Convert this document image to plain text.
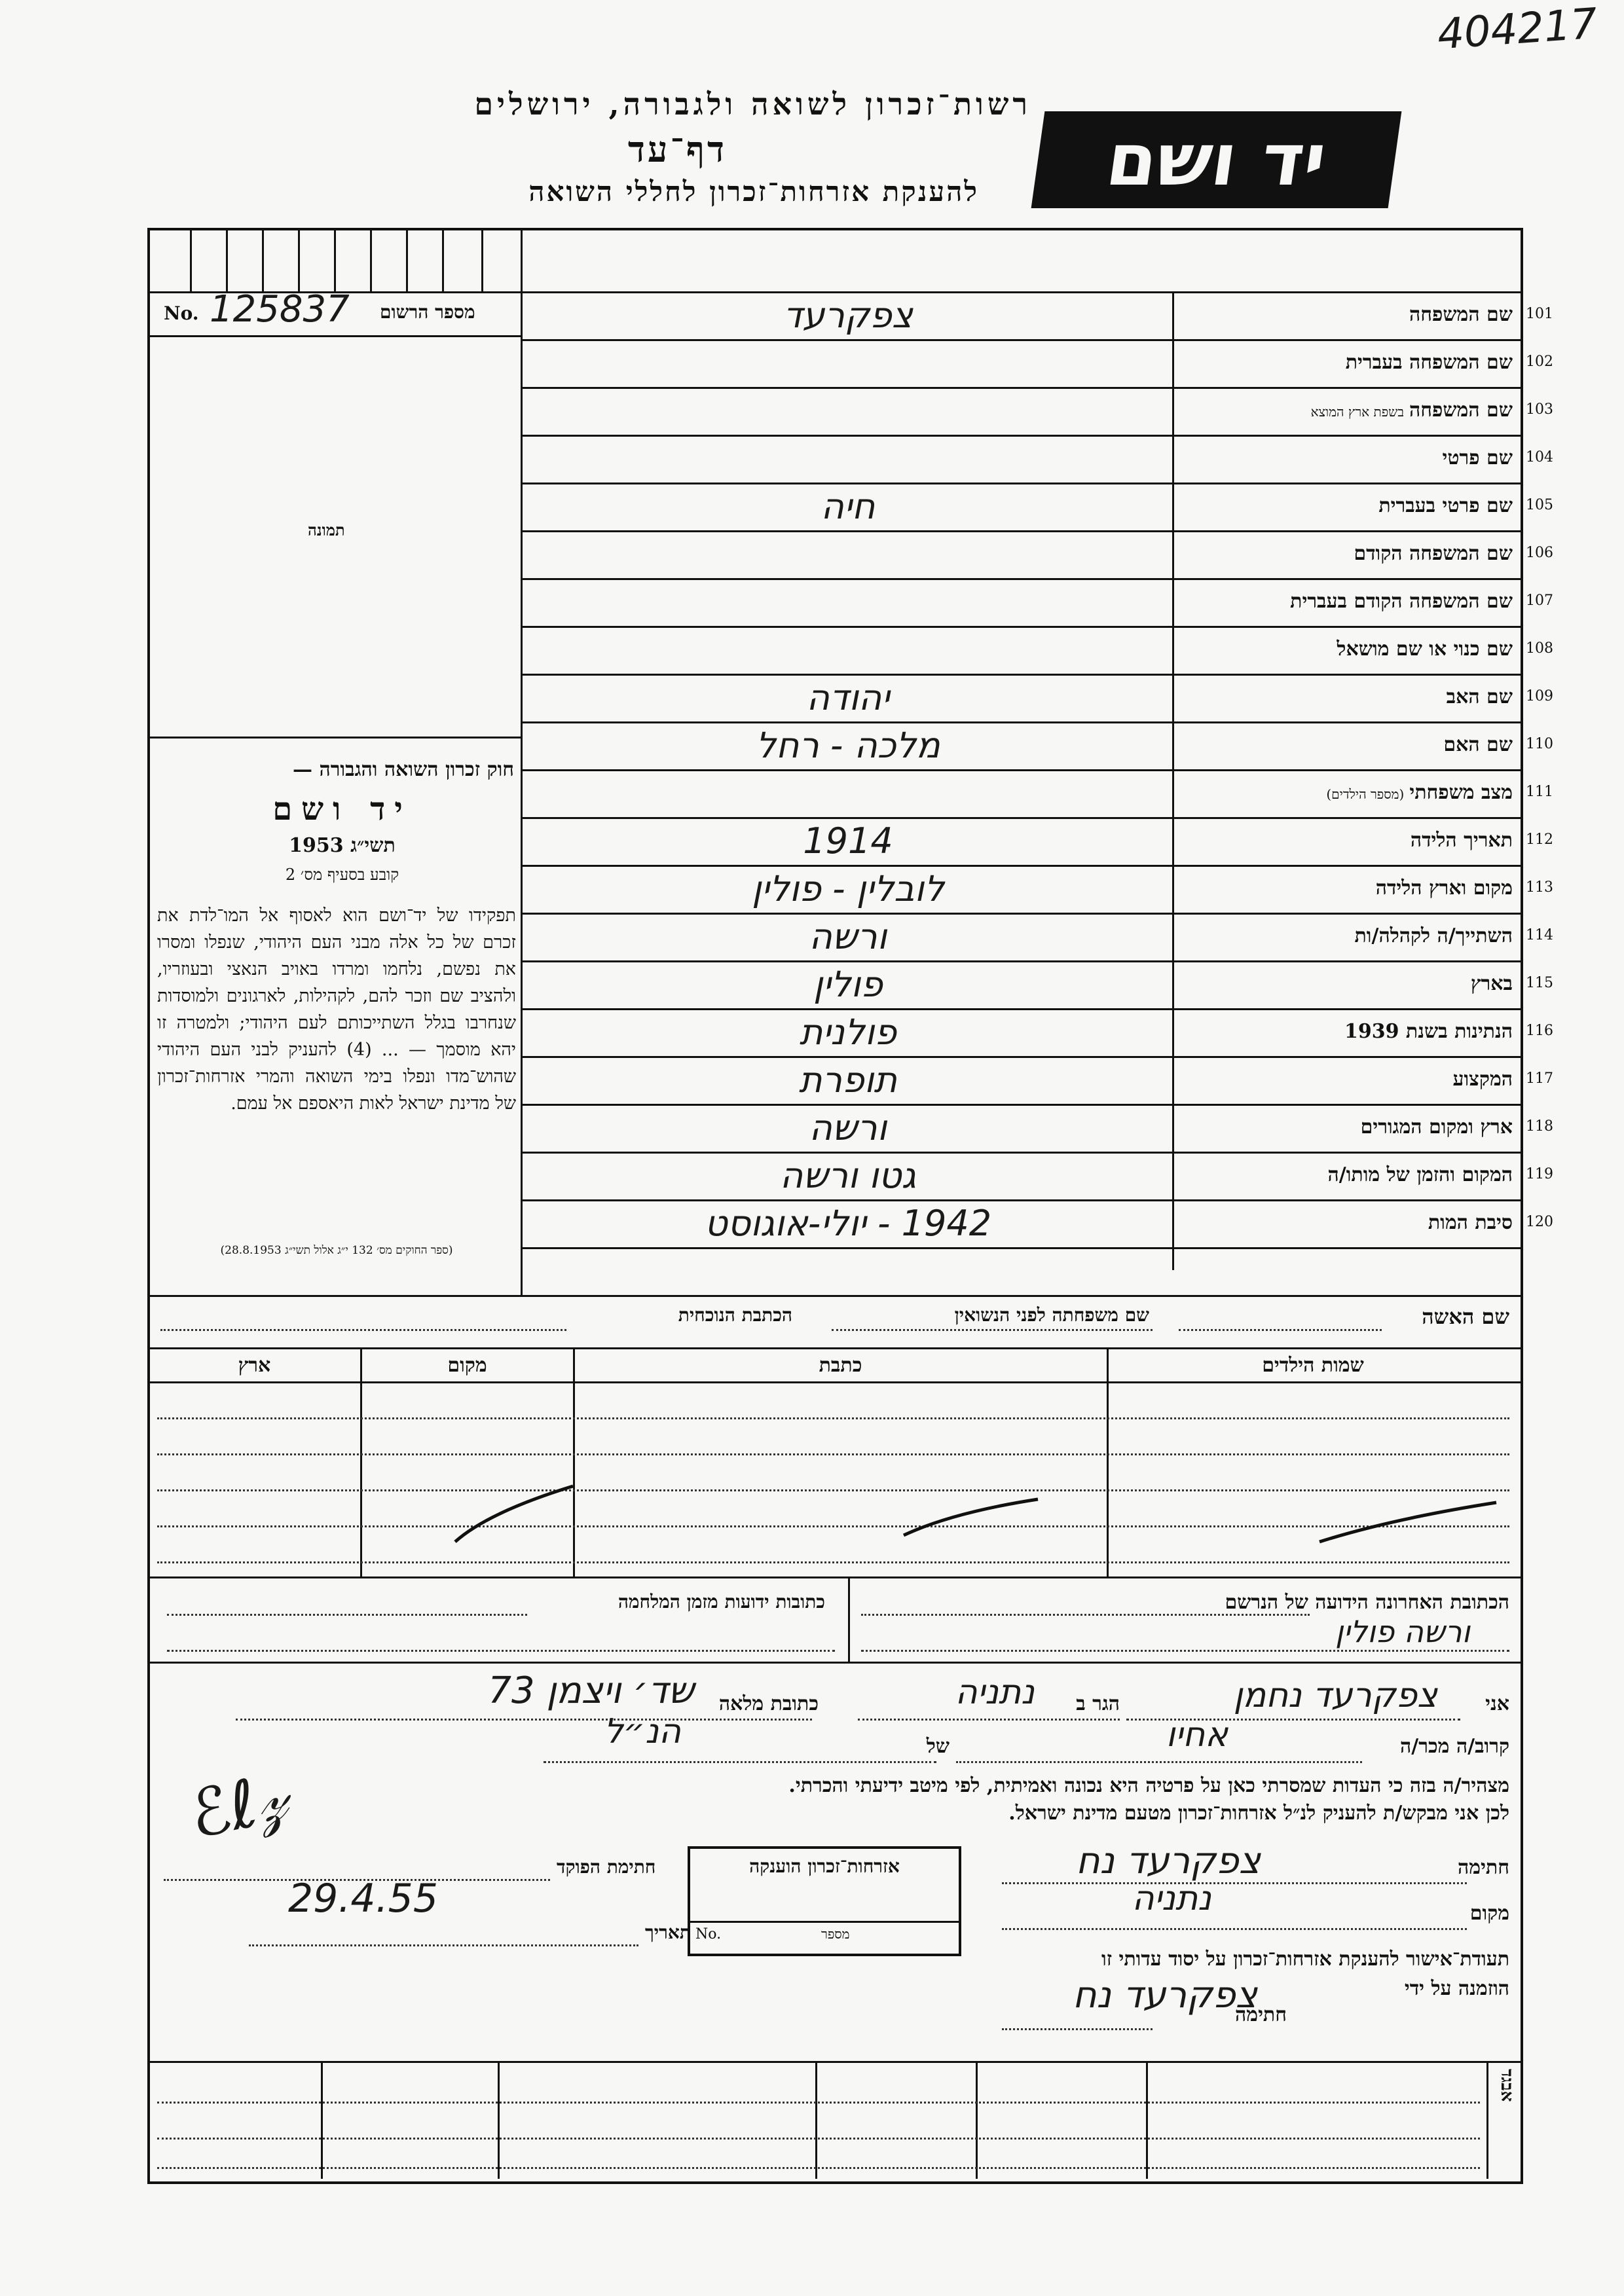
404217
רשות־זכרון לשואה ולגבורה, ירושלים
דף־עד
להענקת אזרחות־זכרון לחללי השואה	יד ושם
מספר הרשום
No. 125837
תמונה
חוק זכרון השואה והגבורה —
יד ושם
תשי״ג 1953
קובע בסעיף מס׳ 2
תפקידו של יד־ושם הוא לאסוף אל המו־לדת את זכרם של כל אלה מבני העם היהודי, שנפלו ומסרו את נפשם, נלחמו ומרדו באויב הנאצי ובעוזריו, ולהציב שם וזכר להם, לקהילות, לארגונים ולמוסדות שנחרבו בגלל השתייכותם לעם היהודי; ולמטרה זו יהא מוסמך — ... (4) להעניק לבני העם היהודי שהוש־מדו ונפלו בימי השואה והמרי אזרחות־זכרון של מדינת ישראל לאות היאספם אל עמם.
(ספר החוקים מס׳ 132 י״ג אלול תשי״ג 28.8.1953)
101
שם המשפחה
צפקרעד
102
שם המשפחה בעברית
103
שם המשפחהבשפת ארץ המוצא
104
שם פרטי
105
שם פרטי בעברית
חיה
106
שם המשפחה הקודם
107
שם המשפחה הקודם בעברית
108
שם כנוי או שם מושאל
109
שם האב
יהודה
110
שם האם
מלכה - רחל
111
מצב משפחתי(מספר הילדים)
112
תאריך הלידה
1914
113
מקום וארץ הלידה
לובלין - פולין
114
השתייך/ה לקהלה/ות
ורשה
115
בארץ
פולין
116
הנתינות בשנת 1939
פולנית
117
המקצוע
תופרת
118
ארץ ומקום המגורים
ורשה
119
המקום והזמן של מותו/ה
גטו ורשה
120
סיבת המות
1942 - יולי-אוגוסט
שם האשה
שם משפחתה לפני הנשואין
הכתבת הנוכחית
שמות הילדים
כתבת
מקום
ארץ
הכתובת האחרונה הידועה של הנרשם
ורשה פולין
כתובות ידועות מזמן המלחמה
אני
צפקרעד נחמן
הגר ב
נתניה
כתובת מלאה
שד׳ ויצמן 73
קרוב/ה מכר/ה
אחיו
של
הנ״ל
מצהיר/ה בזה כי העדות שמסרתי כאן על פרטיה היא נכונה ואמיתית, לפי מיטב ידיעתי והכרתי.
לכן אני מבקש/ת להעניק לנ״ל אזרחות־זכרון מטעם מדינת ישראל.
חתימה
צפקרעד נח
מקום
נתניה
תעודת־אישור להענקת אזרחות־זכרון על יסוד עדותי זו
הוזמנה על ידי
חתימה
צפקרעד נח
ℰℓ𝓏
חתימת הפוקד
תאריך
29.4.55
אזרחות־זכרון הוענקה
No.	מספר
אבגד
